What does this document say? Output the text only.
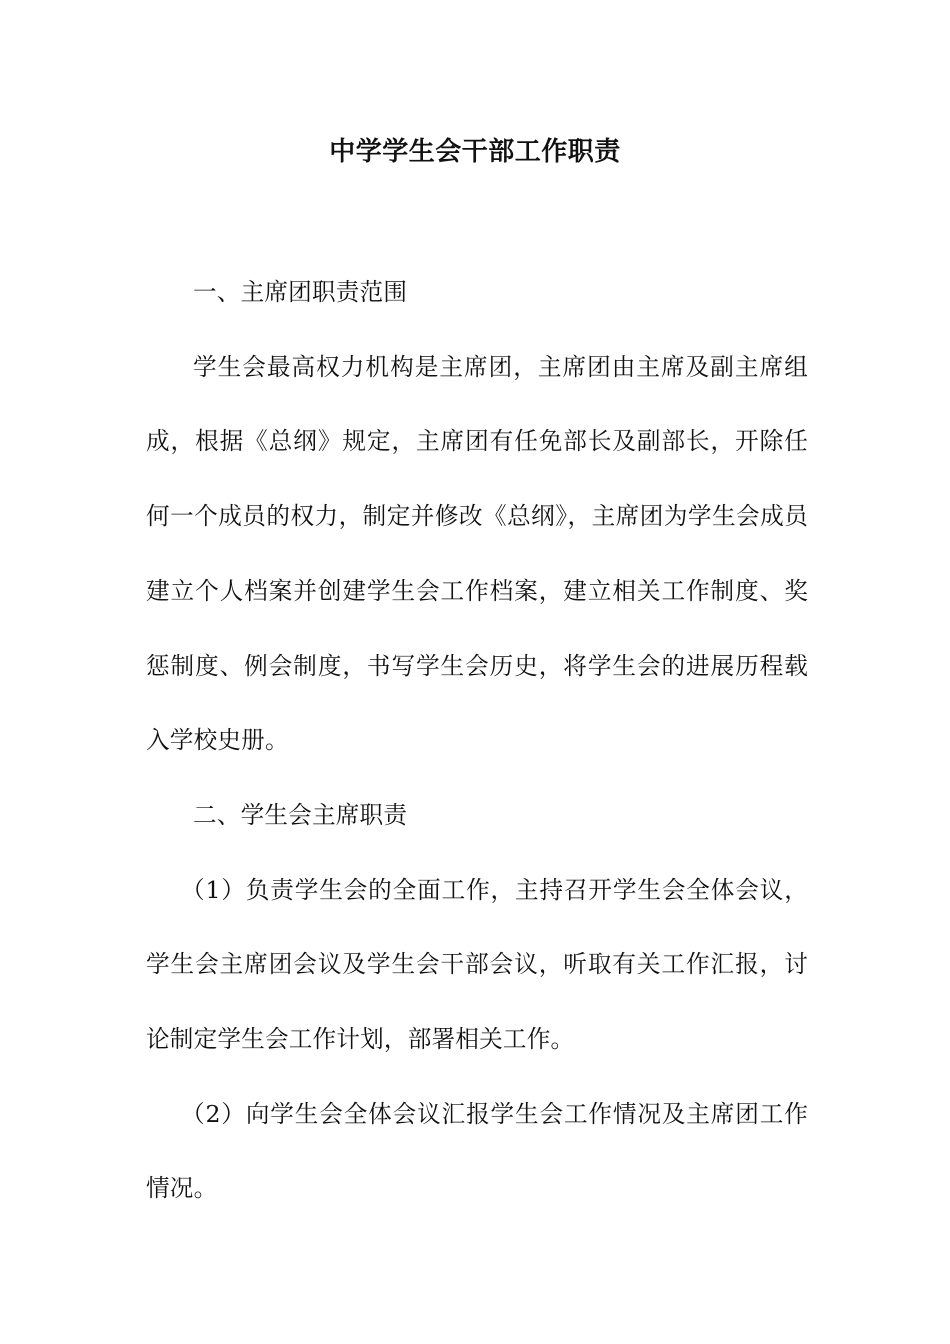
中学学生会干部工作职责

一、主席团职责范围

学生会最高权力机构是主席团，主席团由主席及副主席组成，根据《总纲》规定，主席团有任免部长及副部长，开除任何一个成员的权力，制定并修改《总纲》，主席团为学生会成员建立个人档案并创建学生会工作档案，建立相关工作制度、奖惩制度、例会制度，书写学生会历史，将学生会的进展历程载入学校史册。

二、学生会主席职责

（1）负责学生会的全面工作，主持召开学生会全体会议，学生会主席团会议及学生会干部会议，听取有关工作汇报，讨论制定学生会工作计划，部署相关工作。

（2）向学生会全体会议汇报学生会工作情况及主席团工作情况。
